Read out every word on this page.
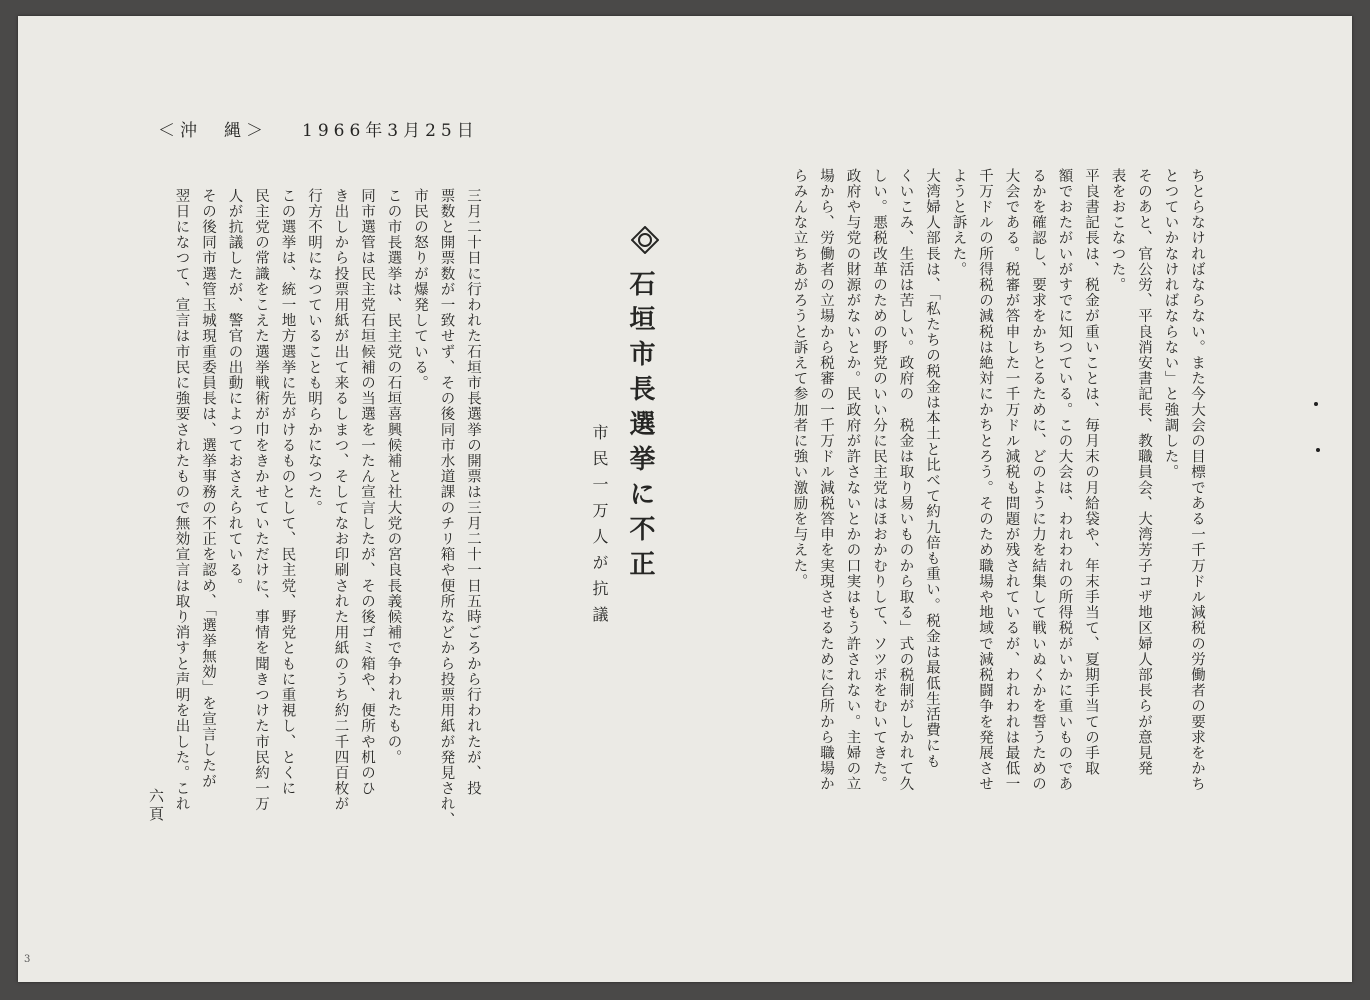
＜沖　縄＞ 1966年3月25日

ちとらなければならない。また今大会の目標である一千万ドル減税の労働者の要求をかち

とつていかなければならない」と強調した。

そのあと、官公労、平良消安書記長、教職員会、大湾芳子コザ地区婦人部長らが意見発

表をおこなつた。

平良書記長は、税金が重いことは、毎月末の月給袋や、年末手当て、夏期手当ての手取

額でおたがいがすでに知つている。この大会は、われわれの所得税がいかに重いものであ

るかを確認し、要求をかちとるために、どのように力を結集して戦いぬくかを誓うための

大会である。税審が答申した一千万ドル減税も問題が残されているが、われわれは最低一

千万ドルの所得税の減税は絶対にかちとろう。そのため職場や地域で減税闘争を発展させ

ようと訴えた。

大湾婦人部長は、「私たちの税金は本土と比べて約九倍も重い。税金は最低生活費にも

くいこみ、生活は苦しい。政府の　税金は取り易いものから取る」式の税制がしかれて久

しい。悪税改革のための野党のいい分に民主党はほおかむりして、ソツポをむいてきた。

政府や与党の財源がないとか。民政府が許さないとかの口実はもう許されない。主婦の立

場から、労働者の立場から税審の一千万ドル減税答申を実現させるために台所から職場か

らみんな立ちあがろうと訴えて参加者に強い激励を与えた。

石垣市長選挙に不正
市民一万人が抗議

三月二十日に行われた石垣市長選挙の開票は三月二十一日五時ごろから行われたが、投

票数と開票数が一致せず、その後同市水道課のチリ箱や便所などから投票用紙が発見され、

市民の怒りが爆発している。

この市長選挙は、民主党の石垣喜興候補と社大党の宮良長義候補で争われたもの。

同市選管は民主党石垣候補の当選を一たん宣言したが、その後ゴミ箱や、便所や机のひ

き出しから投票用紙が出て来るしまつ、そしてなお印刷された用紙のうち約二千四百枚が

行方不明になつていることも明らかになつた。

この選挙は、統一地方選挙に先がけるものとして、民主党、野党ともに重視し、とくに

民主党の常識をこえた選挙戦術が巾をきかせていただけに、事情を聞きつけた市民約一万

人が抗議したが、警官の出動によつておさえられている。

その後同市選管玉城現重委員長は、選挙事務の不正を認め、「選挙無効」を宣言したが

翌日になつて、宣言は市民に強要されたもので無効宣言は取り消すと声明を出した。これ

六頁
3
